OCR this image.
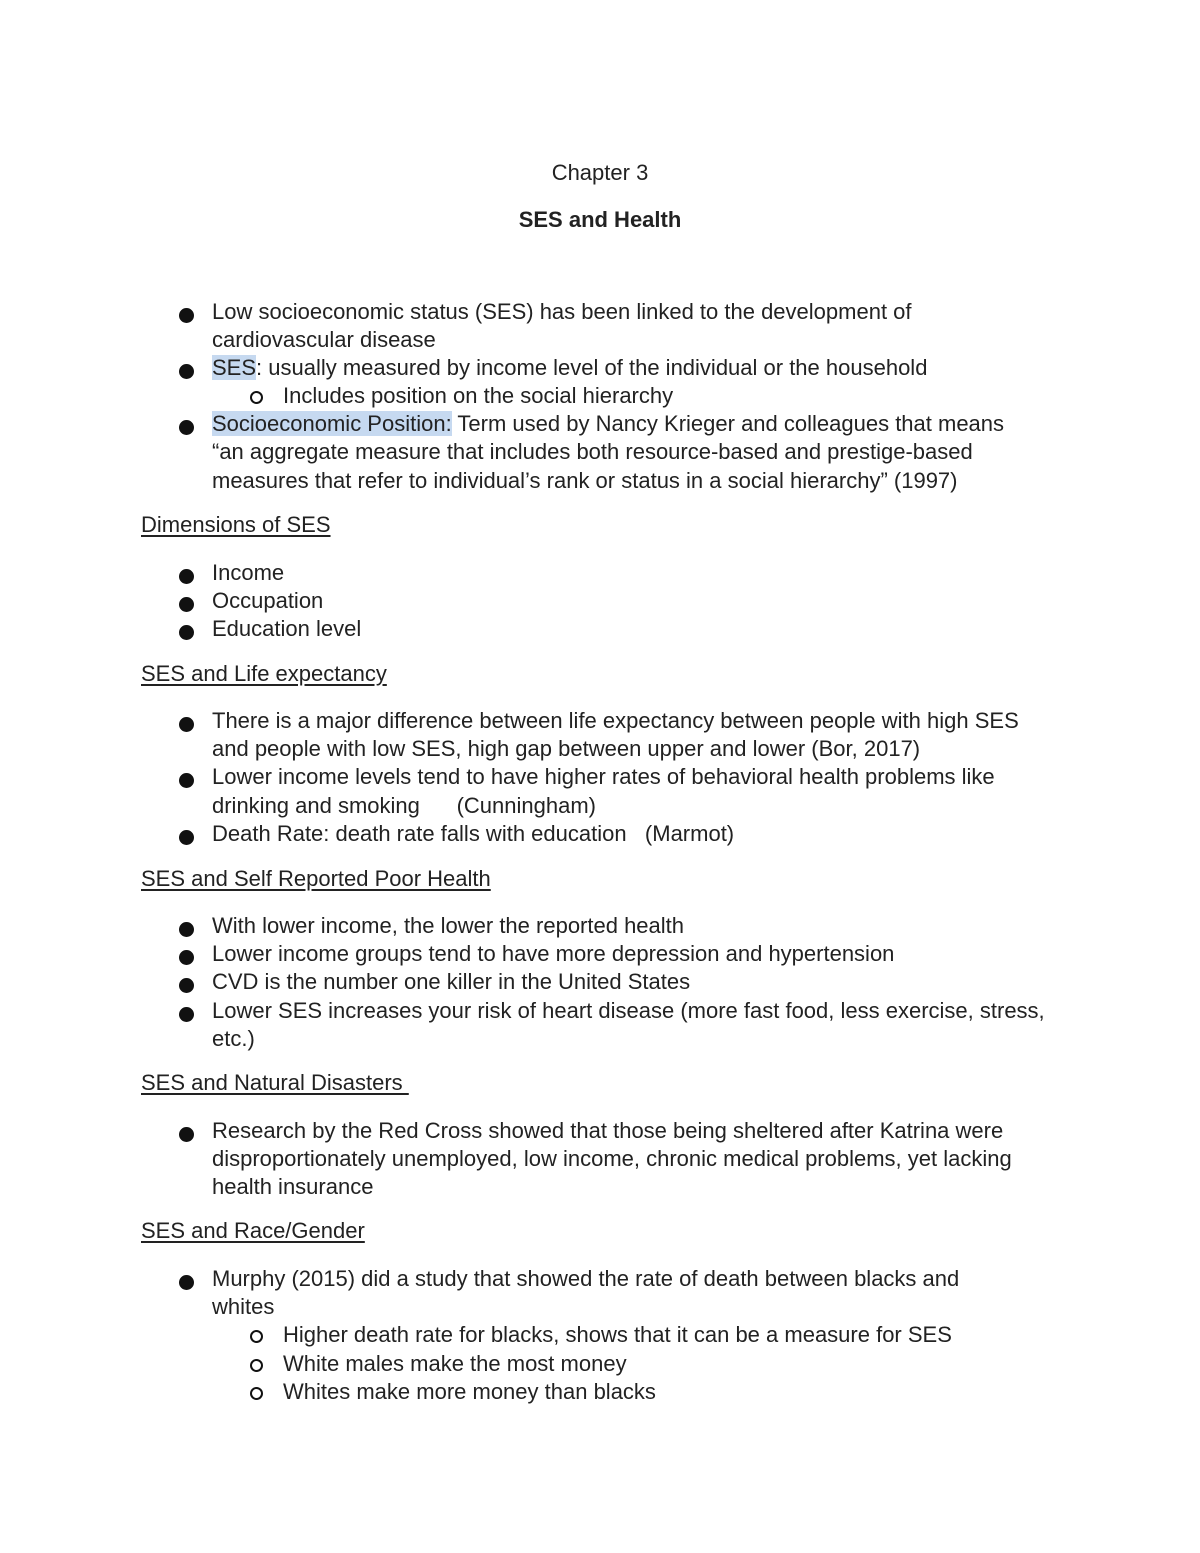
Chapter 3
SES and Health
Low socioeconomic status (SES) has been linked to the development of
cardiovascular disease
SES: usually measured by income level of the individual or the household
Includes position on the social hierarchy
Socioeconomic Position: Term used by Nancy Krieger and colleagues that means
“an aggregate measure that includes both resource-based and prestige-based
measures that refer to individual’s rank or status in a social hierarchy” (1997)
Dimensions of SES
Income
Occupation
Education level
SES and Life expectancy
There is a major difference between life expectancy between people with high SES
and people with low SES, high gap between upper and lower (Bor, 2017)
Lower income levels tend to have higher rates of behavioral health problems like
drinking and smoking      (Cunningham)
Death Rate: death rate falls with education   (Marmot)
SES and Self Reported Poor Health
With lower income, the lower the reported health
Lower income groups tend to have more depression and hypertension
CVD is the number one killer in the United States
Lower SES increases your risk of heart disease (more fast food, less exercise, stress,
etc.)
SES and Natural Disasters
Research by the Red Cross showed that those being sheltered after Katrina were
disproportionately unemployed, low income, chronic medical problems, yet lacking
health insurance
SES and Race/Gender
Murphy (2015) did a study that showed the rate of death between blacks and
whites
Higher death rate for blacks, shows that it can be a measure for SES
White males make the most money
Whites make more money than blacks
